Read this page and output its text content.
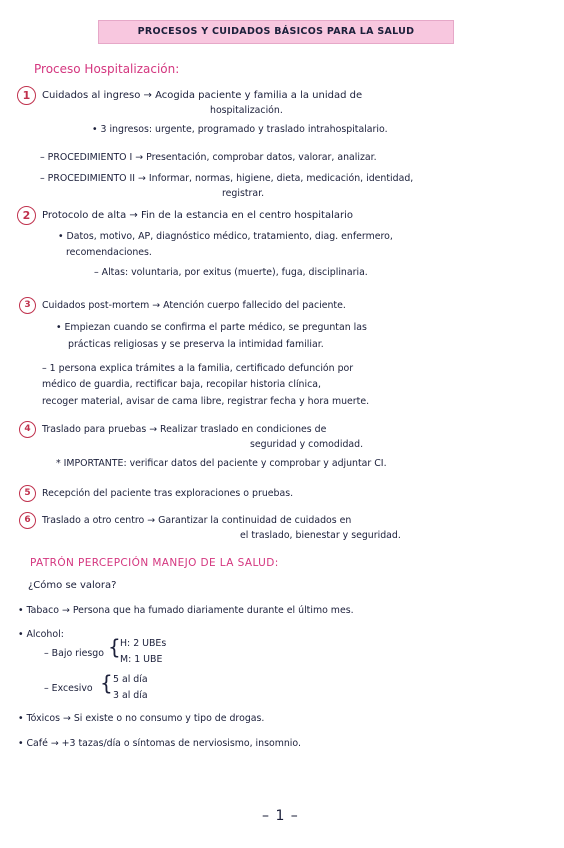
PROCESOS Y CUIDADOS BÁSICOS PARA LA SALUD
Proceso Hospitalización:
1	Cuidados al ingreso → Acogida paciente y familia a la unidad de
hospitalización.
• 3 ingresos: urgente, programado y traslado intrahospitalario.
– PROCEDIMIENTO I → Presentación, comprobar datos, valorar, analizar.
– PROCEDIMIENTO II → Informar, normas, higiene, dieta, medicación, identidad,
registrar.
2	Protocolo de alta → Fin de la estancia en el centro hospitalario
• Datos, motivo, AP, diagnóstico médico, tratamiento, diag. enfermero,
recomendaciones.
– Altas: voluntaria, por exitus (muerte), fuga, disciplinaria.
3	Cuidados post-mortem → Atención cuerpo fallecido del paciente.
• Empiezan cuando se confirma el parte médico, se preguntan las
prácticas religiosas y se preserva la intimidad familiar.
– 1 persona explica trámites a la familia, certificado defunción por
médico de guardia, rectificar baja, recopilar historia clínica,
recoger material, avisar de cama libre, registrar fecha y hora muerte.
4	Traslado para pruebas → Realizar traslado en condiciones de
seguridad y comodidad.
* IMPORTANTE: verificar datos del paciente y comprobar y adjuntar CI.
5	Recepción del paciente tras exploraciones o pruebas.
6	Traslado a otro centro → Garantizar la continuidad de cuidados en
el traslado, bienestar y seguridad.
PATRÓN PERCEPCIÓN MANEJO DE LA SALUD:
¿Cómo se valora?
• Tabaco → Persona que ha fumado diariamente durante el último mes.
• Alcohol:
– Bajo riesgo { H: 2 UBEs
M: 1 UBE
– Excesivo { 5 al día
3 al día
• Tóxicos → Si existe o no consumo y tipo de drogas.
• Café → +3 tazas/día o síntomas de nerviosismo, insomnio.
– 1 –
